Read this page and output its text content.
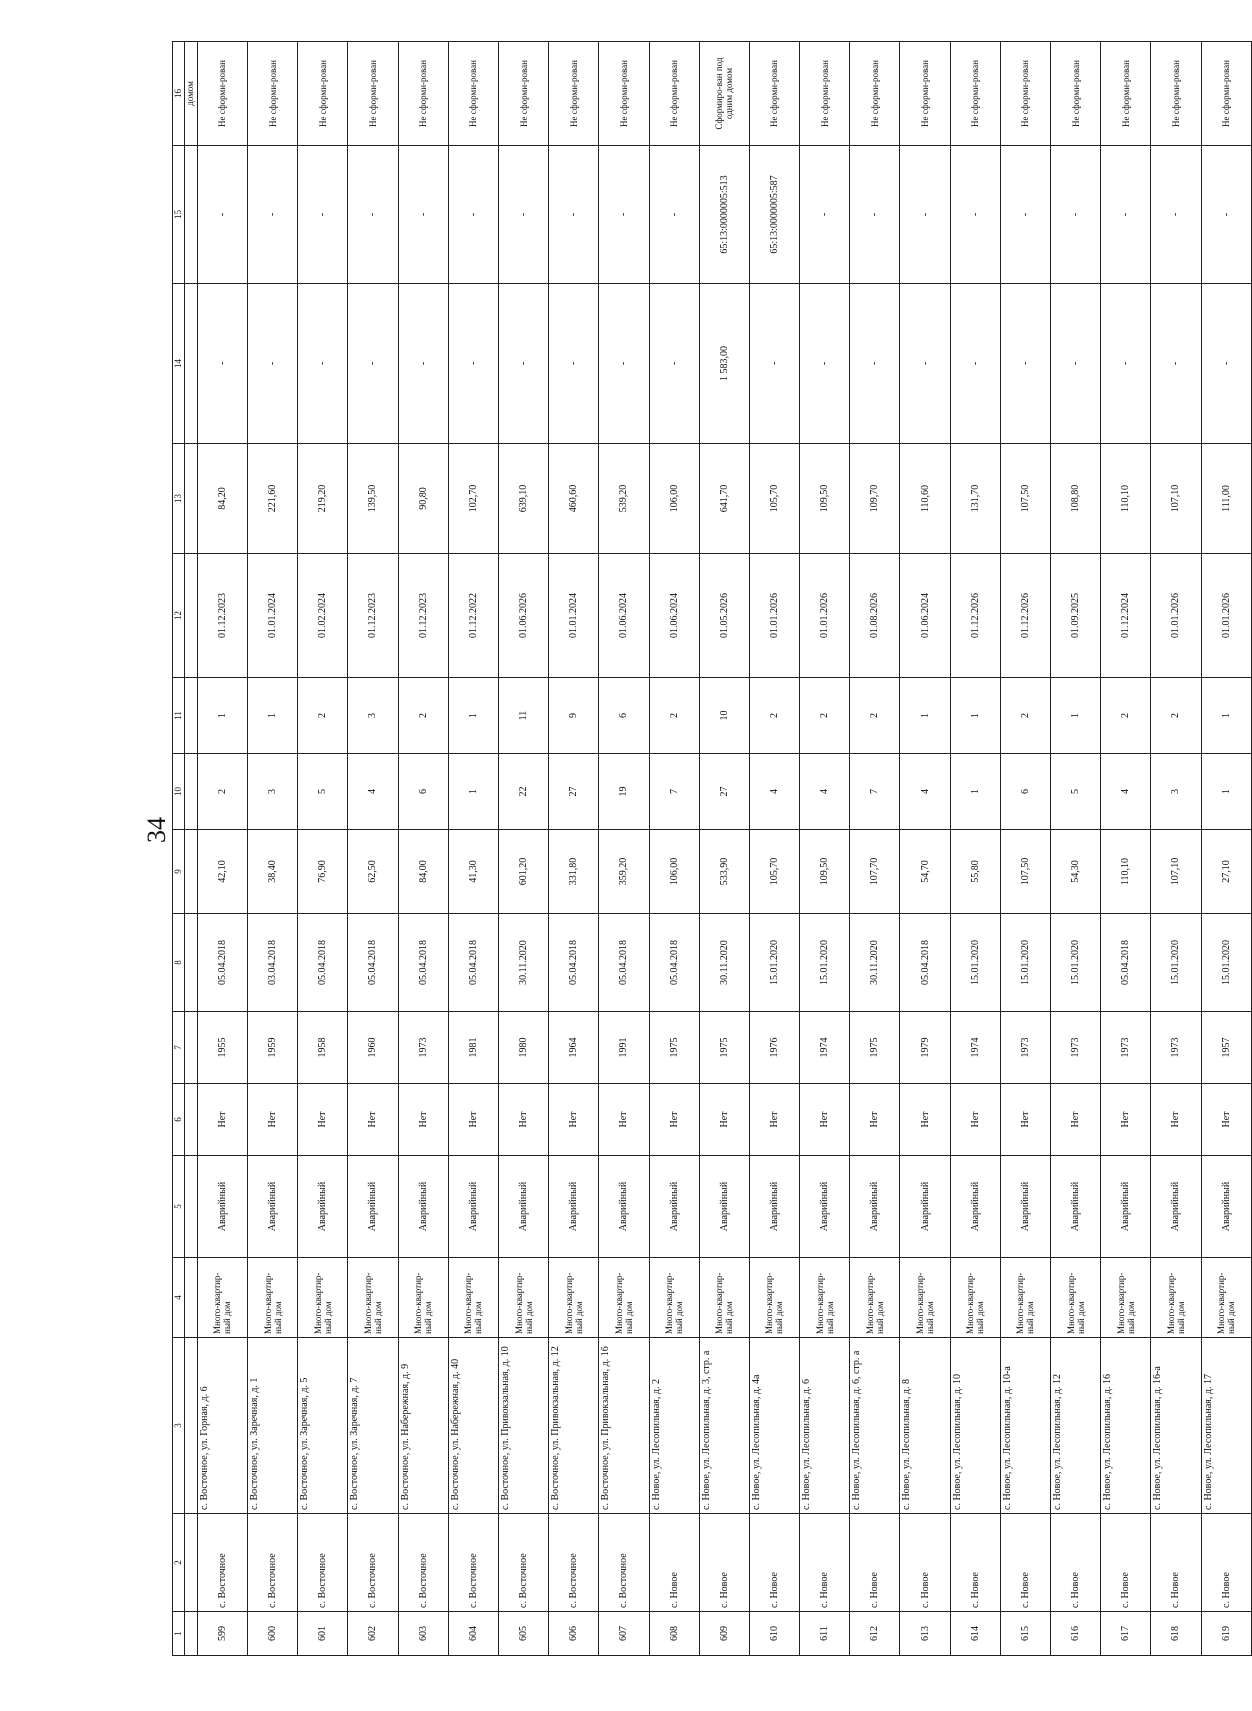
34
1	2	3	4	5	6	7	8	9	10	11	12	13	14	15	16
															домом
599	с. Восточное	с. Восточное, ул. Горная, д. 6	Много-квартир-ный дом	Аварийный	Нет	1955	05.04.2018	42,10	2	1	01.12.2023	84,20	-	-	Не сформи-рован
600	с. Восточное	с. Восточное, ул. Заречная, д. 1	Много-квартир-ный дом	Аварийный	Нет	1959	03.04.2018	38,40	3	1	01.01.2024	221,60	-	-	Не сформи-рован
601	с. Восточное	с. Восточное, ул. Заречная, д. 5	Много-квартир-ный дом	Аварийный	Нет	1958	05.04.2018	76,90	5	2	01.02.2024	219,20	-	-	Не сформи-рован
602	с. Восточное	с. Восточное, ул. Заречная, д. 7	Много-квартир-ный дом	Аварийный	Нет	1960	05.04.2018	62,50	4	3	01.12.2023	139,50	-	-	Не сформи-рован
603	с. Восточное	с. Восточное, ул. Набережная, д. 9	Много-квартир-ный дом	Аварийный	Нет	1973	05.04.2018	84,00	6	2	01.12.2023	90,80	-	-	Не сформи-рован
604	с. Восточное	с. Восточное, ул. Набережная, д. 40	Много-квартир-ный дом	Аварийный	Нет	1981	05.04.2018	41,30	1	1	01.12.2022	102,70	-	-	Не сформи-рован
605	с. Восточное	с. Восточное, ул. Привокзальная, д. 10	Много-квартир-ный дом	Аварийный	Нет	1980	30.11.2020	601,20	22	11	01.06.2026	639,10	-	-	Не сформи-рован
606	с. Восточное	с. Восточное, ул. Привокзальная, д. 12	Много-квартир-ный дом	Аварийный	Нет	1964	05.04.2018	331,80	27	9	01.01.2024	460,60	-	-	Не сформи-рован
607	с. Восточное	с. Восточное, ул. Привокзальная, д. 16	Много-квартир-ный дом	Аварийный	Нет	1991	05.04.2018	359,20	19	6	01.06.2024	539,20	-	-	Не сформи-рован
608	с. Новое	с. Новое, ул. Лесопильная, д. 2	Много-квартир-ный дом	Аварийный	Нет	1975	05.04.2018	106,00	7	2	01.06.2024	106,00	-	-	Не сформи-рован
609	с. Новое	с. Новое, ул. Лесопильная, д. 3, стр. а	Много-квартир-ный дом	Аварийный	Нет	1975	30.11.2020	533,90	27	10	01.05.2026	641,70	1 583,00	65:13:0000005:513	Сформиро-ван под одним домом
610	с. Новое	с. Новое, ул. Лесопильная, д. 4а	Много-квартир-ный дом	Аварийный	Нет	1976	15.01.2020	105,70	4	2	01.01.2026	105,70	-	65:13:0000005:587	Не сформи-рован
611	с. Новое	с. Новое, ул. Лесопильная, д. 6	Много-квартир-ный дом	Аварийный	Нет	1974	15.01.2020	109,50	4	2	01.01.2026	109,50	-	-	Не сформи-рован
612	с. Новое	с. Новое, ул. Лесопильная, д. 6, стр. а	Много-квартир-ный дом	Аварийный	Нет	1975	30.11.2020	107,70	7	2	01.08.2026	109,70	-	-	Не сформи-рован
613	с. Новое	с. Новое, ул. Лесопильная, д. 8	Много-квартир-ный дом	Аварийный	Нет	1979	05.04.2018	54,70	4	1	01.06.2024	110,60	-	-	Не сформи-рован
614	с. Новое	с. Новое, ул. Лесопильная, д. 10	Много-квартир-ный дом	Аварийный	Нет	1974	15.01.2020	55,80	1	1	01.12.2026	131,70	-	-	Не сформи-рован
615	с. Новое	с. Новое, ул. Лесопильная, д. 10-а	Много-квартир-ный дом	Аварийный	Нет	1973	15.01.2020	107,50	6	2	01.12.2026	107,50	-	-	Не сформи-рован
616	с. Новое	с. Новое, ул. Лесопильная, д. 12	Много-квартир-ный дом	Аварийный	Нет	1973	15.01.2020	54,30	5	1	01.09.2025	108,80	-	-	Не сформи-рован
617	с. Новое	с. Новое, ул. Лесопильная, д. 16	Много-квартир-ный дом	Аварийный	Нет	1973	05.04.2018	110,10	4	2	01.12.2024	110,10	-	-	Не сформи-рован
618	с. Новое	с. Новое, ул. Лесопильная, д. 16-а	Много-квартир-ный дом	Аварийный	Нет	1973	15.01.2020	107,10	3	2	01.01.2026	107,10	-	-	Не сформи-рован
619	с. Новое	с. Новое, ул. Лесопильная, д. 17	Много-квартир-ный дом	Аварийный	Нет	1957	15.01.2020	27,10	1	1	01.01.2026	111,00	-	-	Не сформи-рован
